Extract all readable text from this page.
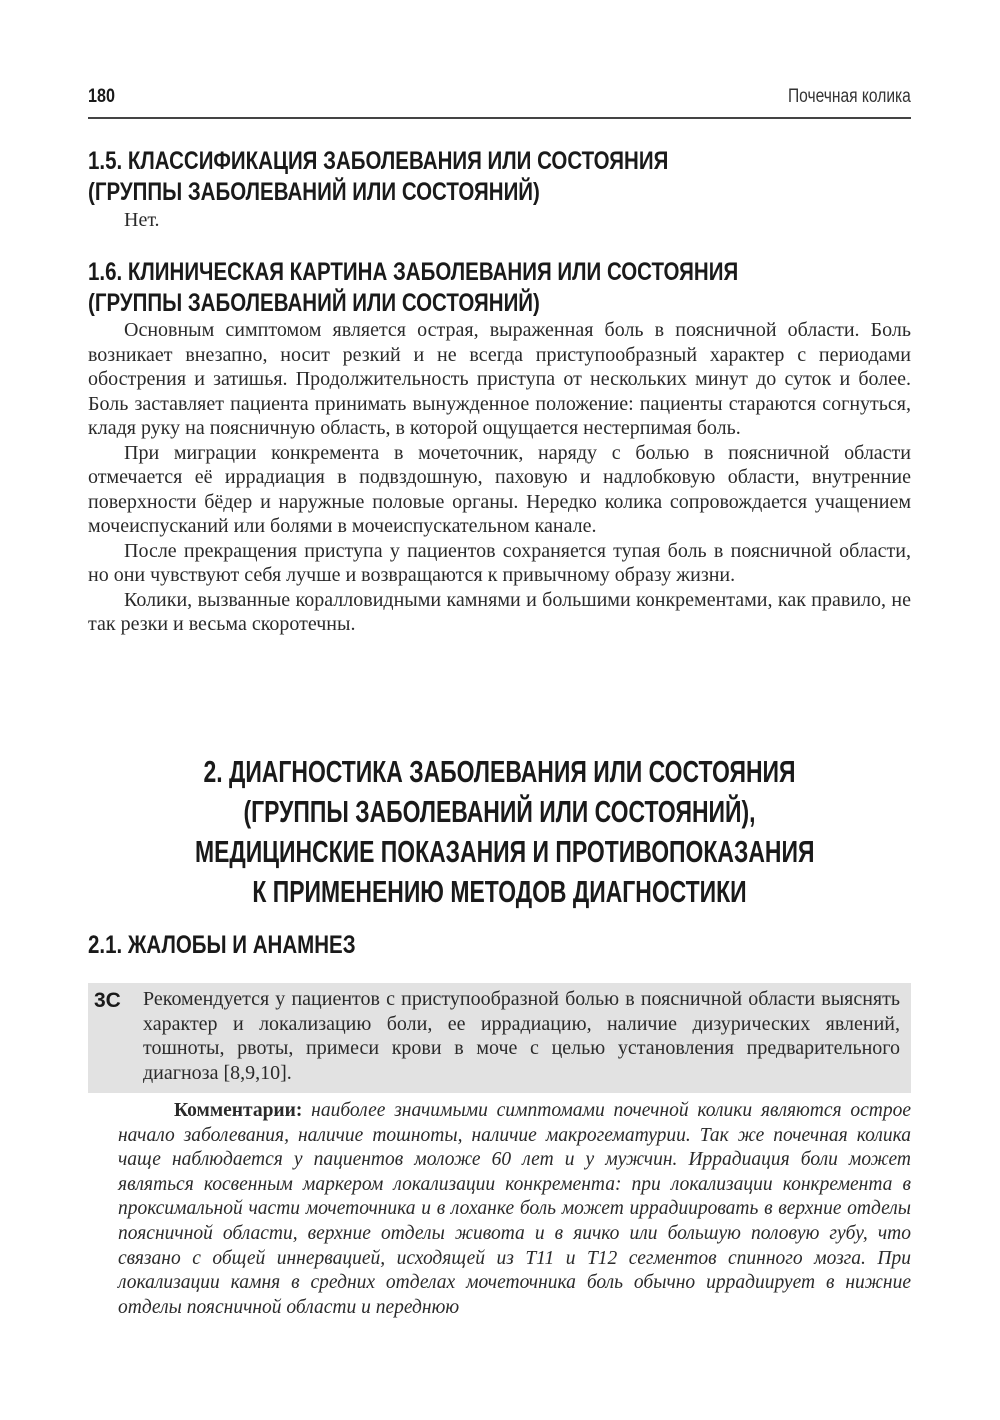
180	Почечная колика
1.5. КЛАССИФИКАЦИЯ ЗАБОЛЕВАНИЯ ИЛИ СОСТОЯНИЯ
(ГРУППЫ ЗАБОЛЕВАНИЙ ИЛИ СОСТОЯНИЙ)

Нет.

1.6. КЛИНИЧЕСКАЯ КАРТИНА ЗАБОЛЕВАНИЯ ИЛИ СОСТОЯНИЯ
(ГРУППЫ ЗАБОЛЕВАНИЙ ИЛИ СОСТОЯНИЙ)

Основным симптомом является острая, выраженная боль в поясничной области. Боль возникает внезапно, носит резкий и не всегда приступообразный характер с периодами обострения и затишья. Продолжительность приступа от нескольких минут до суток и более. Боль заставляет пациента принимать вынужденное положение: пациенты стараются согнуться, кладя руку на поясничную область, в которой ощущается нестерпимая боль.

При миграции конкремента в мочеточник, наряду с болью в поясничной области отмечается её иррадиация в подвздошную, паховую и надлобковую области, внутренние поверхности бёдер и наружные половые органы. Нередко колика сопровождается учащением мочеиспусканий или болями в мочеиспускательном канале.

После прекращения приступа у пациентов сохраняется тупая боль в поясничной области, но они чувствуют себя лучше и возвращаются к привычному образу жизни.

Колики, вызванные коралловидными камнями и большими конкрементами, как правило, не так резки и весьма скоротечны.

2. ДИАГНОСТИКА ЗАБОЛЕВАНИЯ ИЛИ СОСТОЯНИЯ
(ГРУППЫ ЗАБОЛЕВАНИЙ ИЛИ СОСТОЯНИЙ),
МЕДИЦИНСКИЕ ПОКАЗАНИЯ И ПРОТИВОПОКАЗАНИЯ
К ПРИМЕНЕНИЮ МЕТОДОВ ДИАГНОСТИКИ
2.1. ЖАЛОБЫ И АНАМНЕЗ
3С Рекомендуется у пациентов с приступообразной болью в поясничной области выяснять характер и локализацию боли, ее иррадиацию, наличие дизурических явлений, тошноты, рвоты, примеси крови в моче с целью установления предварительного диагноза [8,9,10].

Комментарии: наиболее значимыми симптомами почечной колики являются острое начало заболевания, наличие тошноты, наличие макрогематурии. Так же почечная колика чаще наблюдается у пациентов моложе 60 лет и у мужчин. Иррадиация боли может являться косвенным маркером локализации конкремента: при локализации конкремента в проксимальной части мочеточника и в лоханке боль может иррадиировать в верхние отделы поясничной области, верхние отделы живота и в яичко или большую половую губу, что связано с общей иннервацией, исходящей из Т11 и Т12 сегментов спинного мозга. При локализации камня в средних отделах мочеточника боль обычно иррадиирует в нижние отделы поясничной области и переднюю
